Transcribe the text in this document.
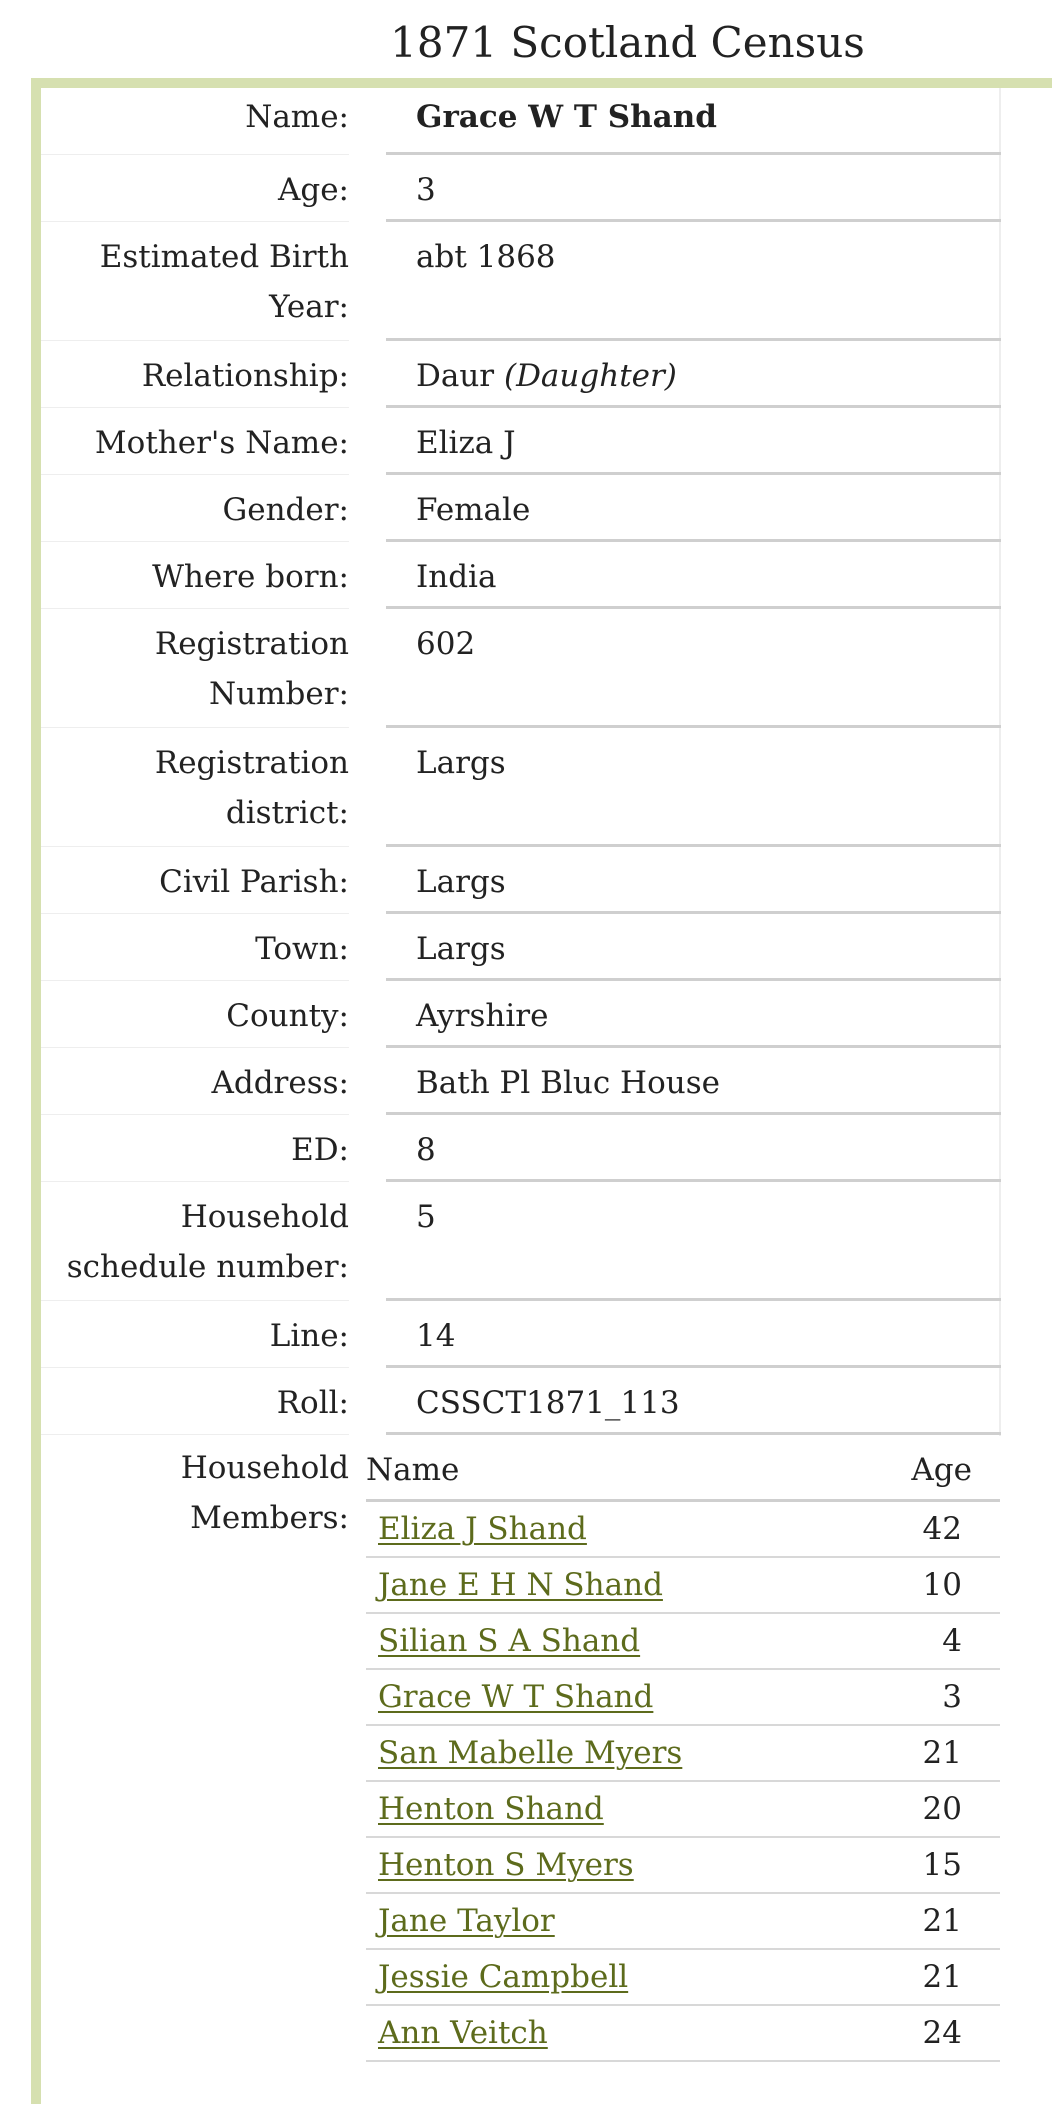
1871 Scotland Census
Name:	Grace W T Shand
Age:	3
Estimated Birth Year:
abt 1868
Relationship:	Daur (Daughter)
Mother's Name:	Eliza J
Gender:	Female
Where born:	India
Registration Number:
602
Registration district:
Largs
Civil Parish:	Largs
Town:	Largs
County:	Ayrshire
Address:	Bath Pl Bluc House
ED:	8
Household schedule number:
5
Line:	14
Roll:	CSSCT1871_113
Household Members:
Name	Age
Eliza J Shand	42
Jane E H N Shand	10
Silian S A Shand	4
Grace W T Shand	3
San Mabelle Myers	21
Henton Shand	20
Henton S Myers	15
Jane Taylor	21
Jessie Campbell	21
Ann Veitch	24
